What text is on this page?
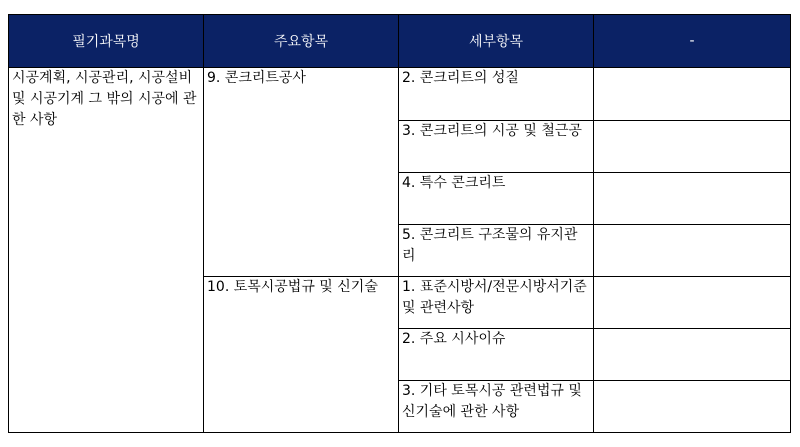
필기과목명	주요항목	세부항목	-
시공계획, 시공관리, 시공설비 및 시공기계 그 밖의 시공에 관한 사항	9. 콘크리트공사	2. 콘크리트의 성질	
		3. 콘크리트의 시공 및 철근공	
		4. 특수 콘크리트	
		5. 콘크리트 구조물의 유지관리	
	10. 토목시공법규 및 신기술	1. 표준시방서/전문시방서기준 및 관련사항	
		2. 주요 시사이슈	
		3. 기타 토목시공 관련법규 및 신기술에 관한 사항	
